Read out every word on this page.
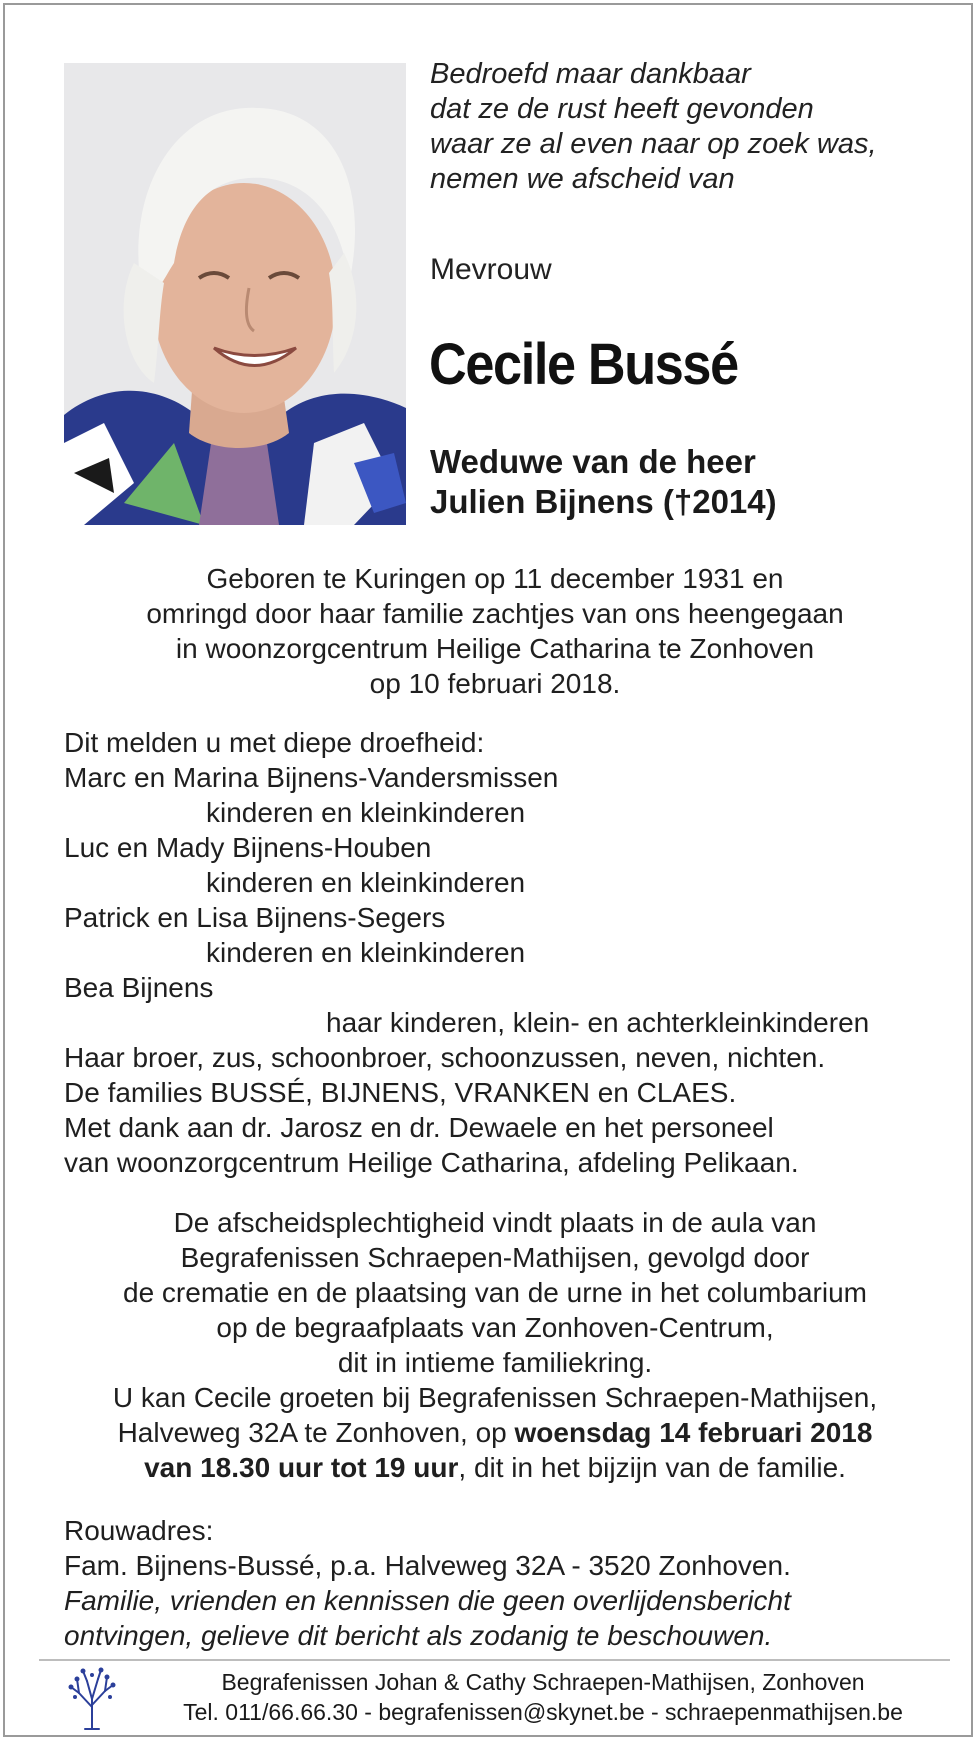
Bedroefd maar dankbaar
dat ze de rust heeft gevonden
waar ze al even naar op zoek was,
nemen we afscheid van
Mevrouw
Cecile Bussé
Weduwe van de heer
Julien Bijnens (†2014)
Geboren te Kuringen op 11 december 1931 en
omringd door haar familie zachtjes van ons heengegaan
in woonzorgcentrum Heilige Catharina te Zonhoven
op 10 februari 2018.
Dit melden u met diepe droefheid:
Marc en Marina Bijnens-Vandersmissen
kinderen en kleinkinderen
Luc en Mady Bijnens-Houben
kinderen en kleinkinderen
Patrick en Lisa Bijnens-Segers
kinderen en kleinkinderen
Bea Bijnens
haar kinderen, klein- en achterkleinkinderen
Haar broer, zus, schoonbroer, schoonzussen, neven, nichten.
De families BUSSÉ, BIJNENS, VRANKEN en CLAES.
Met dank aan dr. Jarosz en dr. Dewaele en het personeel
van woonzorgcentrum Heilige Catharina, afdeling Pelikaan.
De afscheidsplechtigheid vindt plaats in de aula van
Begrafenissen Schraepen-Mathijsen, gevolgd door
de crematie en de plaatsing van de urne in het columbarium
op de begraafplaats van Zonhoven-Centrum,
dit in intieme familiekring.
U kan Cecile groeten bij Begrafenissen Schraepen-Mathijsen,
Halveweg 32A te Zonhoven, op woensdag 14 februari 2018
van 18.30 uur tot 19 uur, dit in het bijzijn van de familie.
Rouwadres:
Fam. Bijnens-Bussé, p.a. Halveweg 32A - 3520 Zonhoven.
Familie, vrienden en kennissen die geen overlijdensbericht
ontvingen, gelieve dit bericht als zodanig te beschouwen.
Begrafenissen Johan & Cathy Schraepen-Mathijsen, Zonhoven
Tel. 011/66.66.30 - begrafenissen@skynet.be - schraepenmathijsen.be
